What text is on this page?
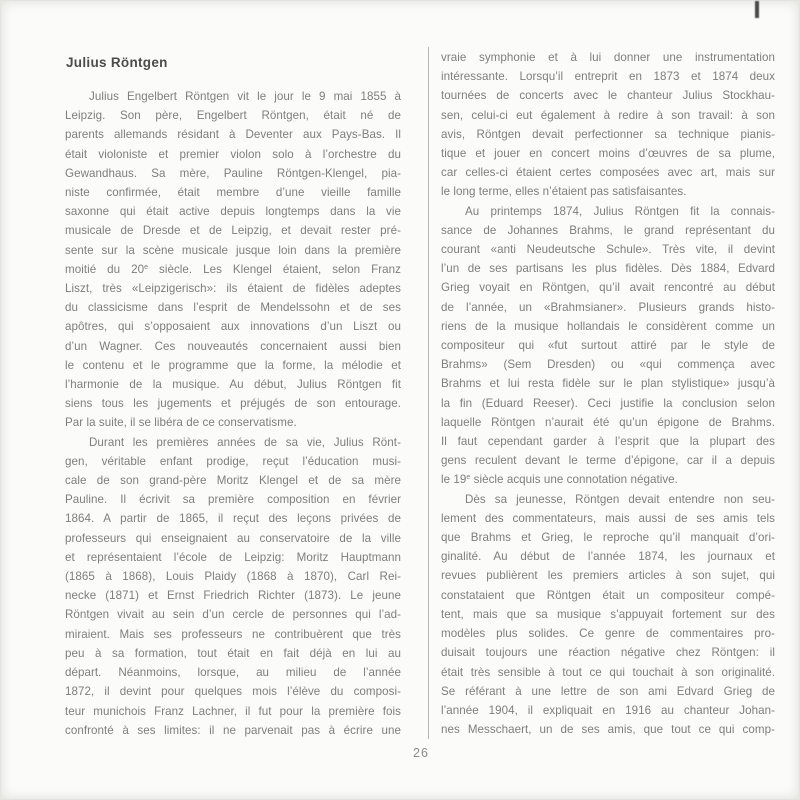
Julius Röntgen
Julius Engelbert Röntgen vit le jour le 9 mai 1855 à
Leipzig. Son père, Engelbert Röntgen, était né de
parents allemands résidant à Deventer aux Pays-Bas. Il
était violoniste et premier violon solo à l’orchestre du
Gewandhaus. Sa mère, Pauline Röntgen-Klengel, pia-
niste confirmée, était membre d’une vieille famille
saxonne qui était active depuis longtemps dans la vie
musicale de Dresde et de Leipzig, et devait rester pré-
sente sur la scène musicale jusque loin dans la première
moitié du 20e siècle. Les Klengel étaient, selon Franz
Liszt, très «Leipzigerisch»: ils étaient de fidèles adeptes
du classicisme dans l’esprit de Mendelssohn et de ses
apôtres, qui s’opposaient aux innovations d’un Liszt ou
d’un Wagner. Ces nouveautés concernaient aussi bien
le contenu et le programme que la forme, la mélodie et
l’harmonie de la musique. Au début, Julius Röntgen fit
siens tous les jugements et préjugés de son entourage.
Par la suite, il se libéra de ce conservatisme.
Durant les premières années de sa vie, Julius Rönt-
gen, véritable enfant prodige, reçut l’éducation musi-
cale de son grand-père Moritz Klengel et de sa mère
Pauline. Il écrivit sa première composition en février
1864. A partir de 1865, il reçut des leçons privées de
professeurs qui enseignaient au conservatoire de la ville
et représentaient l’école de Leipzig: Moritz Hauptmann
(1865 à 1868), Louis Plaidy (1868 à 1870), Carl Rei-
necke (1871) et Ernst Friedrich Richter (1873). Le jeune
Röntgen vivait au sein d’un cercle de personnes qui l’ad-
miraient. Mais ses professeurs ne contribuèrent que très
peu à sa formation, tout était en fait déjà en lui au
départ. Néanmoins, lorsque, au milieu de l’année
1872, il devint pour quelques mois l’élève du composi-
teur munichois Franz Lachner, il fut pour la première fois
confronté à ses limites: il ne parvenait pas à écrire une
vraie symphonie et à lui donner une instrumentation
intéressante. Lorsqu’il entreprit en 1873 et 1874 deux
tournées de concerts avec le chanteur Julius Stockhau-
sen, celui-ci eut également à redire à son travail: à son
avis, Röntgen devait perfectionner sa technique pianis-
tique et jouer en concert moins d’œuvres de sa plume,
car celles-ci étaient certes composées avec art, mais sur
le long terme, elles n’étaient pas satisfaisantes.
Au printemps 1874, Julius Röntgen fit la connais-
sance de Johannes Brahms, le grand représentant du
courant «anti Neudeutsche Schule». Très vite, il devint
l’un de ses partisans les plus fidèles. Dès 1884, Edvard
Grieg voyait en Röntgen, qu’il avait rencontré au début
de l’année, un «Brahmsianer». Plusieurs grands histo-
riens de la musique hollandais le considèrent comme un
compositeur qui «fut surtout attiré par le style de
Brahms» (Sem Dresden) ou «qui commença avec
Brahms et lui resta fidèle sur le plan stylistique» jusqu’à
la fin (Eduard Reeser). Ceci justifie la conclusion selon
laquelle Röntgen n’aurait été qu’un épigone de Brahms.
Il faut cependant garder à l’esprit que la plupart des
gens reculent devant le terme d’épigone, car il a depuis
le 19e siècle acquis une connotation négative.
Dès sa jeunesse, Röntgen devait entendre non seu-
lement des commentateurs, mais aussi de ses amis tels
que Brahms et Grieg, le reproche qu’il manquait d’ori-
ginalité. Au début de l’année 1874, les journaux et
revues publièrent les premiers articles à son sujet, qui
constataient que Röntgen était un compositeur compé-
tent, mais que sa musique s’appuyait fortement sur des
modèles plus solides. Ce genre de commentaires pro-
duisait toujours une réaction négative chez Röntgen: il
était très sensible à tout ce qui touchait à son originalité.
Se référant à une lettre de son ami Edvard Grieg de
l’année 1904, il expliquait en 1916 au chanteur Johan-
nes Messchaert, un de ses amis, que tout ce qui comp-
26
